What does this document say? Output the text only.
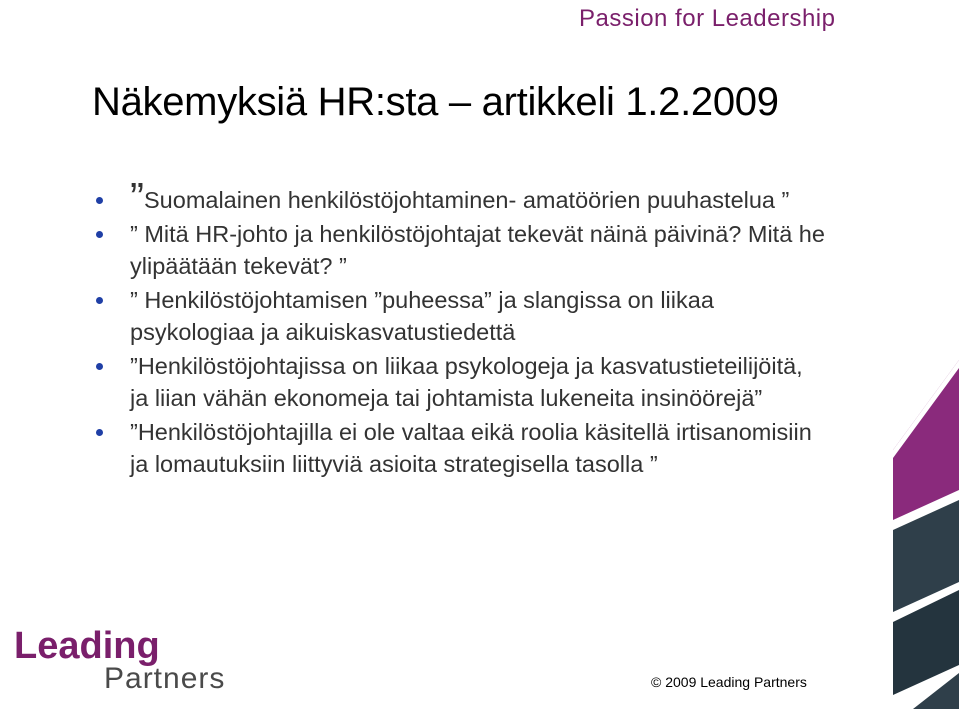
Passion for Leadership
Näkemyksiä HR:sta – artikkeli 1.2.2009
”Suomalainen henkilöstöjohtaminen- amatöörien puuhastelua ”
” Mitä HR-johto ja henkilöstöjohtajat tekevät näinä päivinä? Mitä he ylipäätään tekevät? ”
” Henkilöstöjohtamisen ”puheessa” ja slangissa on liikaa psykologiaa ja aikuiskasvatustiedettä
”Henkilöstöjohtajissa on liikaa psykologeja ja kasvatustieteilijöitä, ja liian vähän ekonomeja tai johtamista lukeneita insinöörejä”
”Henkilöstöjohtajilla ei ole valtaa eikä roolia käsitellä irtisanomisiin ja lomautuksiin liittyviä asioita strategisella tasolla ”
Leading
Partners	© 2009 Leading Partners
